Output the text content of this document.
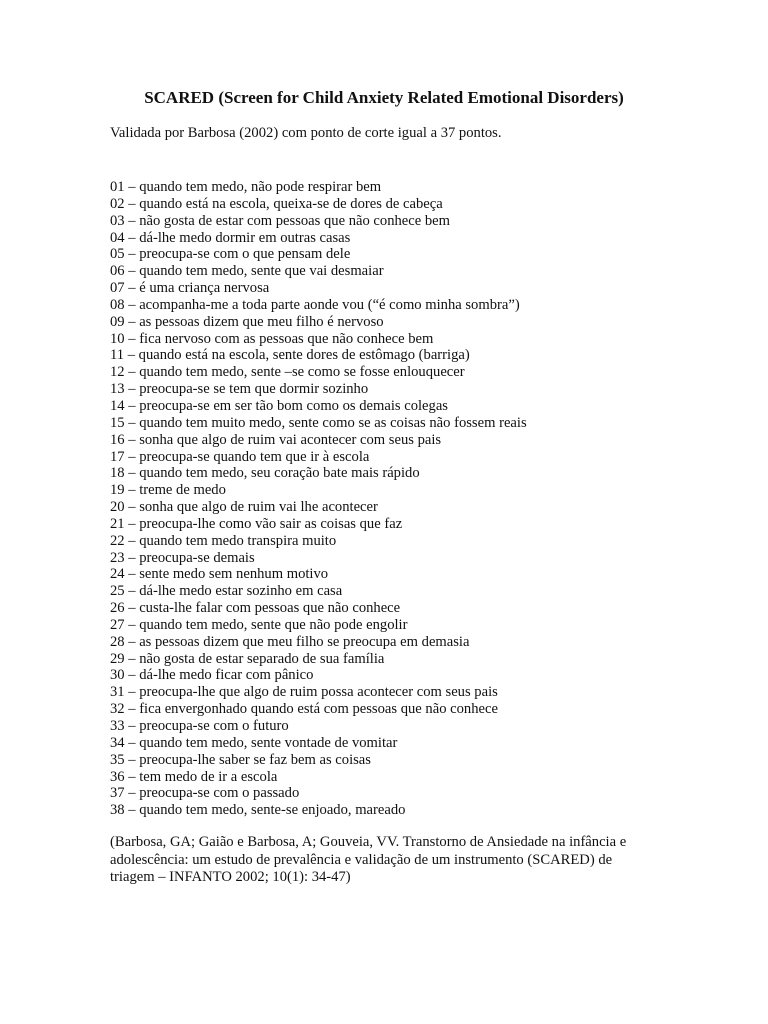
SCARED (Screen for Child Anxiety Related Emotional Disorders)
Validada por Barbosa (2002) com ponto de corte igual a 37 pontos.
01 – quando tem medo, não pode respirar bem
02 – quando está na escola, queixa-se de dores de cabeça
03 – não gosta de estar com pessoas que não conhece bem
04 – dá-lhe medo dormir em outras casas
05 – preocupa-se com o que pensam dele
06 – quando tem medo, sente que vai desmaiar
07 – é uma criança nervosa
08 – acompanha-me a toda parte aonde vou (“é como minha sombra”)
09 – as pessoas dizem que meu filho é nervoso
10 – fica nervoso com as pessoas que não conhece bem
11 – quando está na escola, sente dores de estômago (barriga)
12 – quando tem medo, sente –se como se fosse enlouquecer
13 – preocupa-se se tem que dormir sozinho
14 – preocupa-se em ser tão bom como os demais colegas
15 – quando tem muito medo, sente como se as coisas não fossem reais
16 – sonha que algo de ruim vai acontecer com seus pais
17 – preocupa-se quando tem que ir à escola
18 – quando tem medo, seu coração bate mais rápido
19 – treme de medo
20 – sonha que algo de ruim vai lhe acontecer
21 – preocupa-lhe como vão sair as coisas que faz
22 – quando tem medo transpira muito
23 – preocupa-se demais
24 – sente medo sem nenhum motivo
25 – dá-lhe medo estar sozinho em casa
26 – custa-lhe falar com pessoas que não conhece
27 – quando tem medo, sente que não pode engolir
28 – as pessoas dizem que meu filho se preocupa em demasia
29 – não gosta de estar separado de sua família
30 – dá-lhe medo ficar com pânico
31 – preocupa-lhe que algo de ruim possa acontecer com seus pais
32 – fica envergonhado quando está com pessoas que não conhece
33 – preocupa-se com o futuro
34 – quando tem medo, sente vontade de vomitar
35 – preocupa-lhe saber se faz bem as coisas
36 – tem medo de ir a escola
37 – preocupa-se com o passado
38 – quando tem medo, sente-se enjoado, mareado

(Barbosa, GA; Gaião e Barbosa, A; Gouveia, VV. Transtorno de Ansiedade na infância e adolescência: um estudo de prevalência e validação de um instrumento (SCARED) de triagem – INFANTO 2002; 10(1): 34-47)
